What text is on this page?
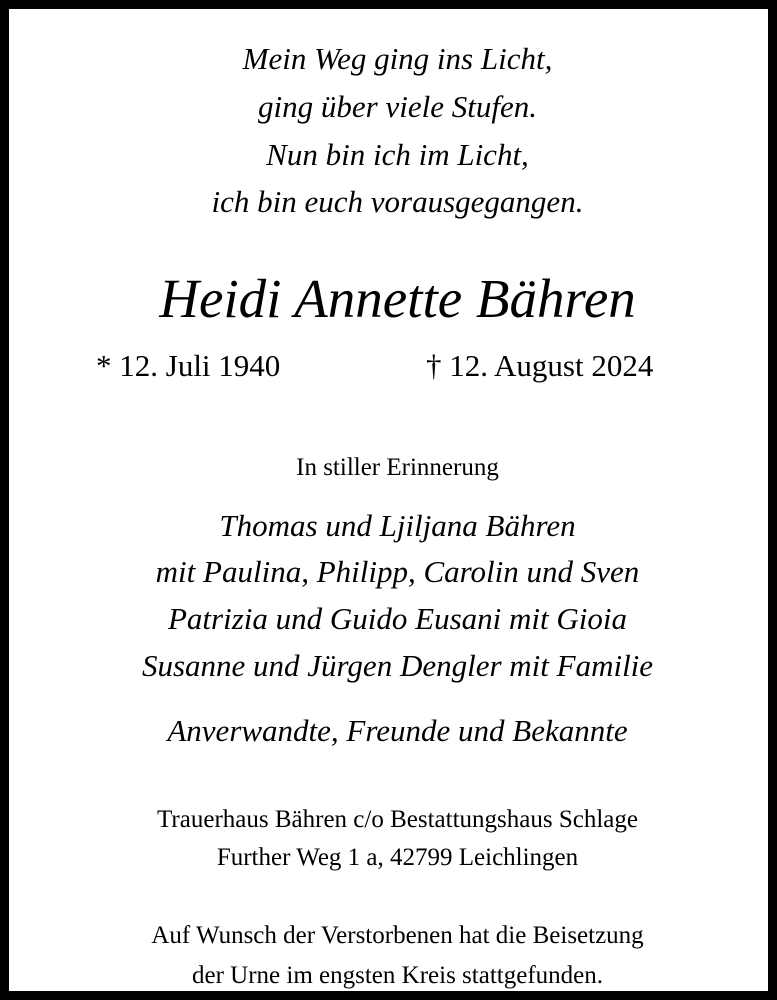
Mein Weg ging ins Licht,
ging über viele Stufen.
Nun bin ich im Licht,
ich bin euch vorausgegangen.
Heidi Annette Bähren
* 12. Juli 1940	† 12. August 2024
In stiller Erinnerung
Thomas und Ljiljana Bähren
mit Paulina, Philipp, Carolin und Sven
Patrizia und Guido Eusani mit Gioia
Susanne und Jürgen Dengler mit Familie
Anverwandte, Freunde und Bekannte
Trauerhaus Bähren c/o Bestattungshaus Schlage
Further Weg 1 a, 42799 Leichlingen
Auf Wunsch der Verstorbenen hat die Beisetzung
der Urne im engsten Kreis stattgefunden.
